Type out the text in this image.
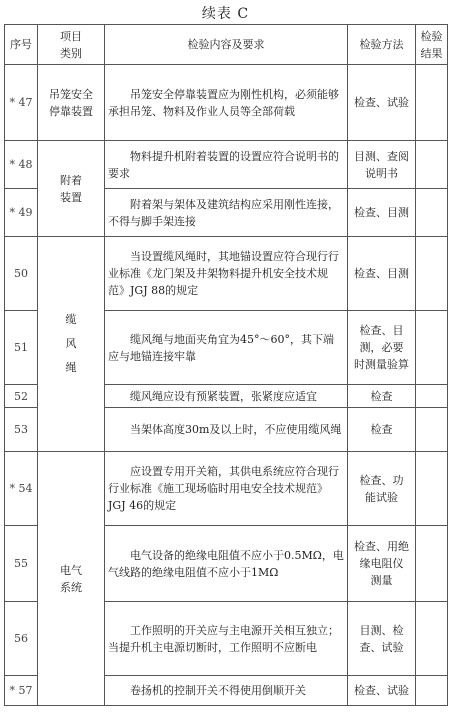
续表 C
序号	项目
类别	检验内容及要求	检验方法	检验
结果
* 47	吊笼安全
停靠装置	吊笼安全停靠装置应为刚性机构，必须能够承担吊笼、物料及作业人员等全部荷载	检查、试验	
* 48	附着
装置	物料提升机附着装置的设置应符合说明书的要求	目测、查阅
说明书	
* 49		附着架与架体及建筑结构应采用刚性连接，不得与脚手架连接	检查、目测	
50	缆
风
绳	当设置缆风绳时，其地锚设置应符合现行行业标准《龙门架及井架物料提升机安全技术规范》JGJ 88的规定	检查、目测	
51		缆风绳与地面夹角宜为45°～60°，其下端应与地锚连接牢靠	检查、目
测，必要
时测量验算	
52		缆风绳应设有预紧装置，张紧度应适宜	检查	
53		当架体高度30m及以上时，不应使用缆风绳	检查	
* 54	电气
系统	应设置专用开关箱，其供电系统应符合现行行业标准《施工现场临时用电安全技术规范》JGJ 46的规定	检查、功
能试验	
55		电气设备的绝缘电阻值不应小于0.5MΩ，电气线路的绝缘电阻值不应小于1MΩ	检查、用绝
缘电阻仪
测量	
56		工作照明的开关应与主电源开关相互独立；当提升机主电源切断时，工作照明不应断电	目测、检
查、试验	
* 57		卷扬机的控制开关不得使用倒顺开关	检查、试验	
